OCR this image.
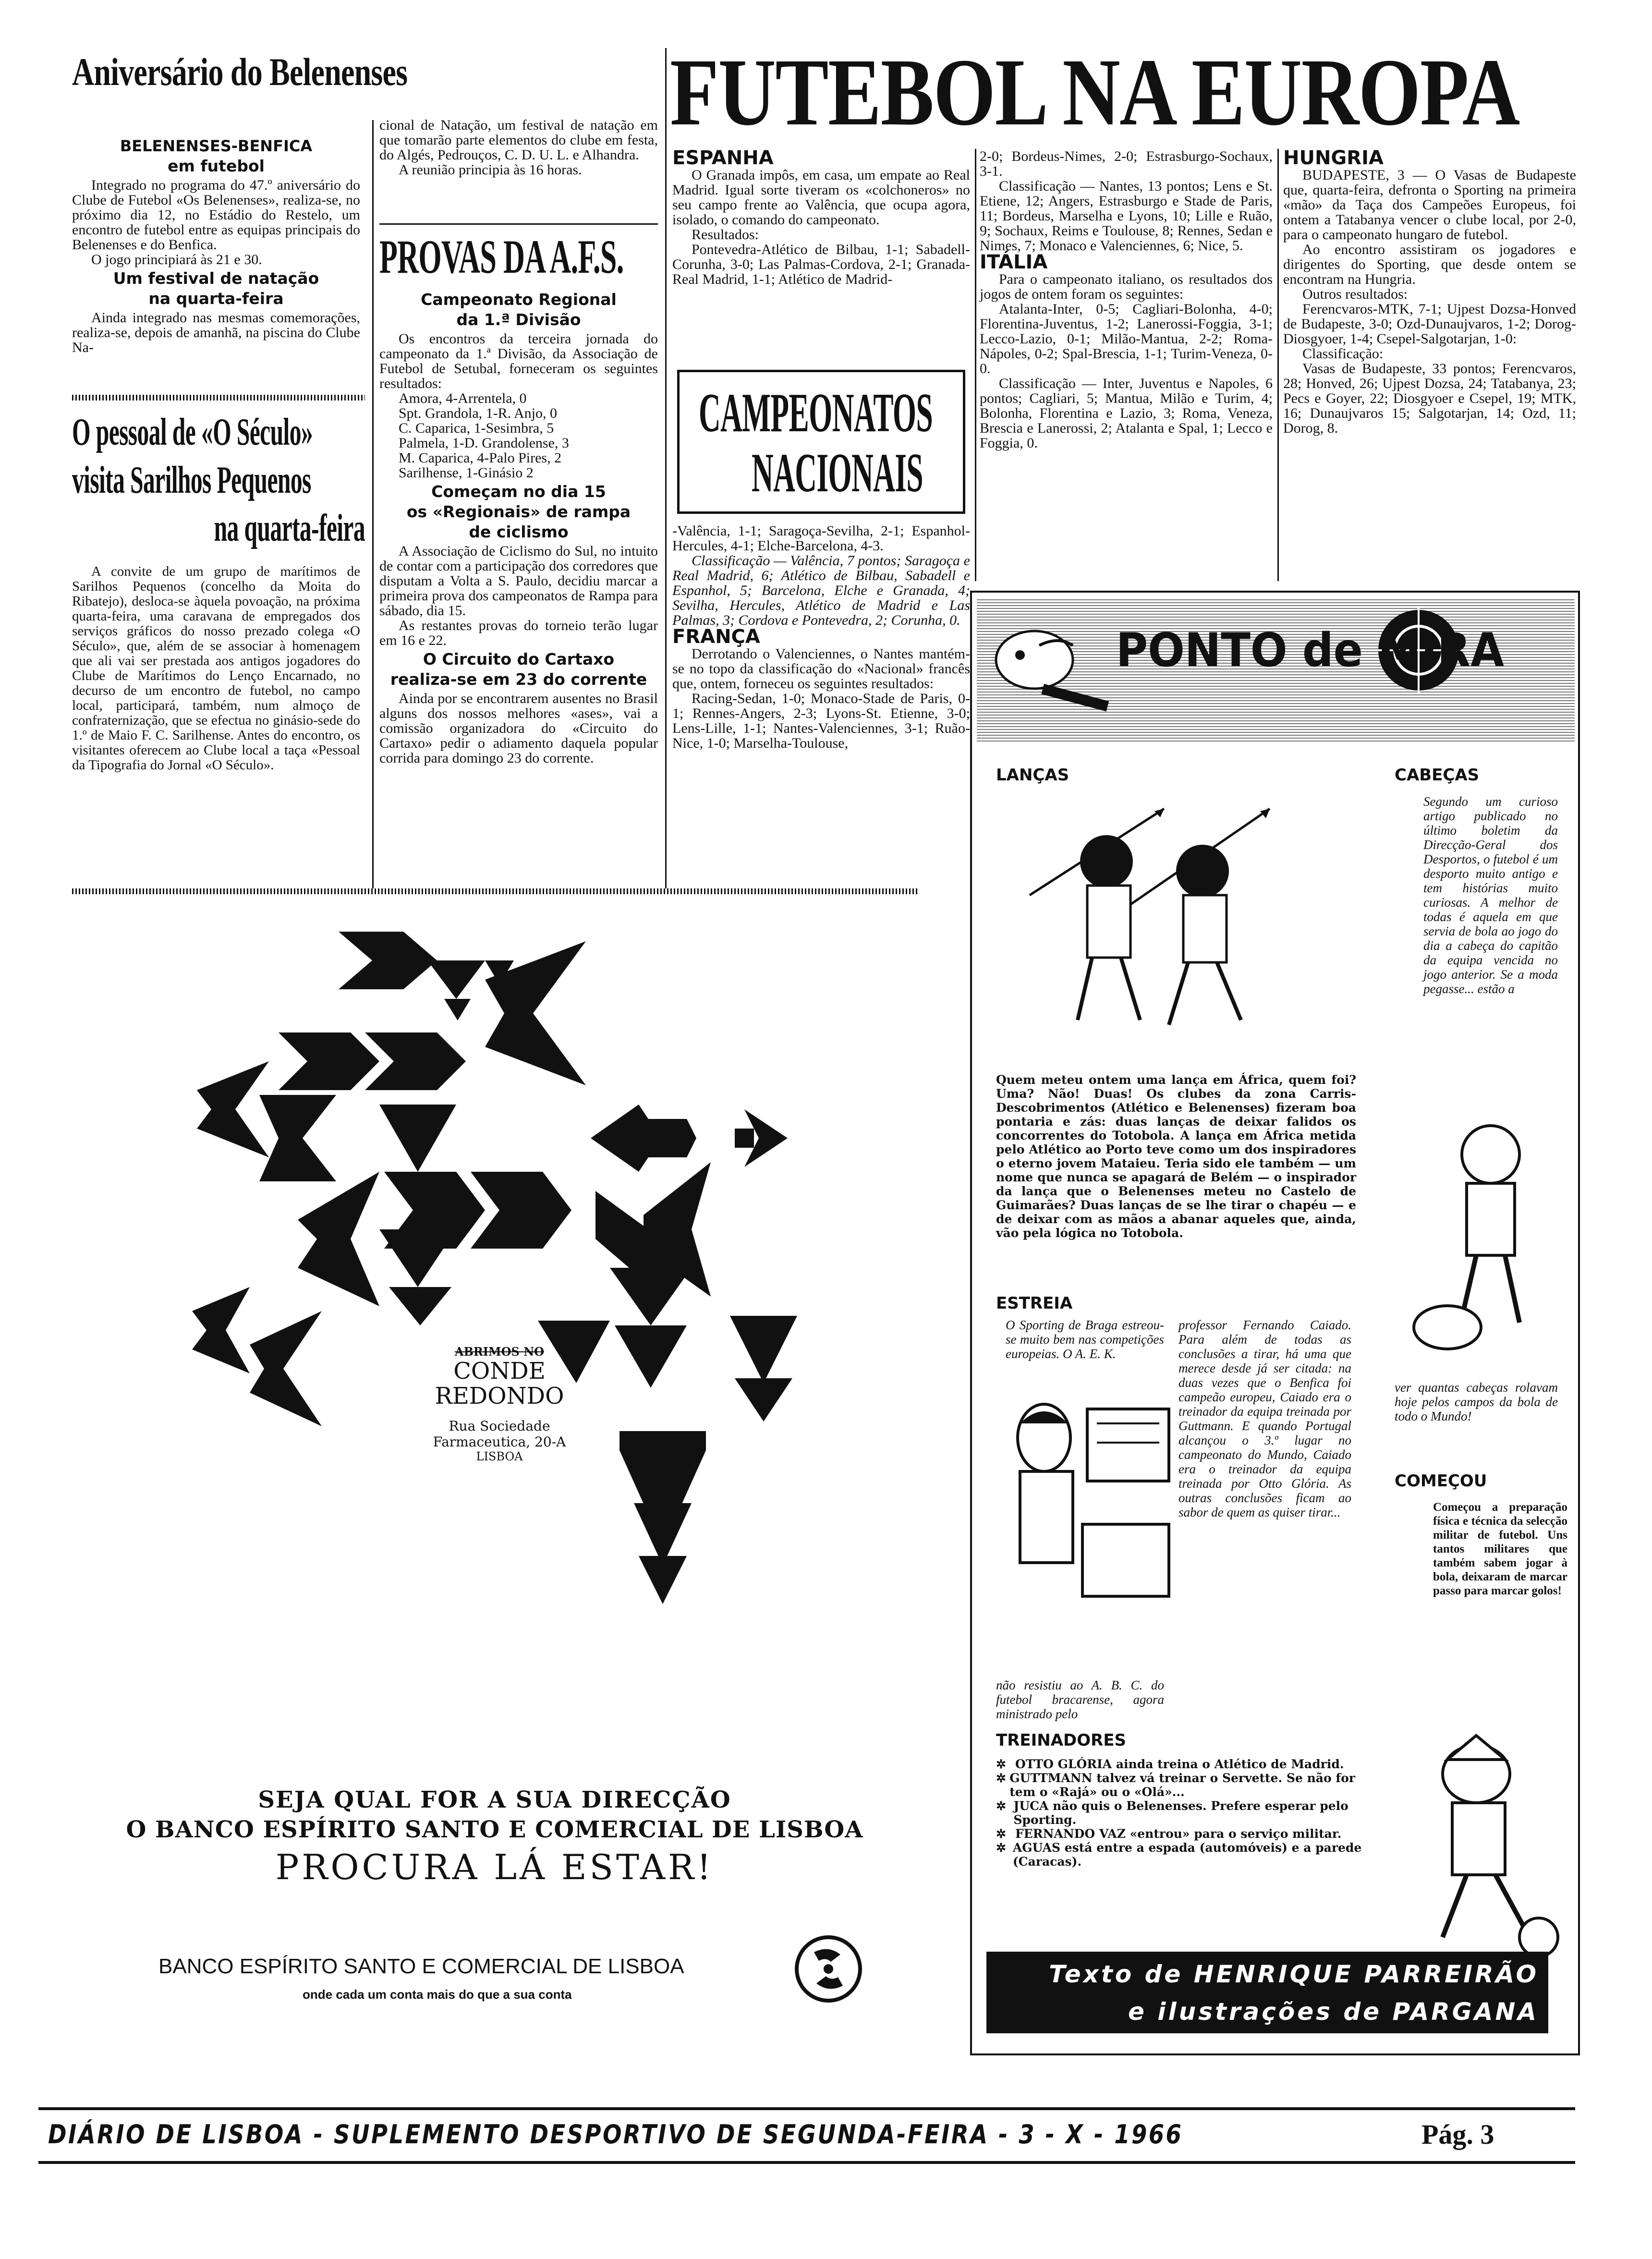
Aniversário do Belenenses
BELENENSES-BENFICA
em futebol

Integrado no programa do 47.º aniversário do Clube de Futebol «Os Belenenses», realiza-se, no próximo dia 12, no Estádio do Restelo, um encontro de futebol entre as equipas principais do Belenenses e do Benfica.

O jogo principiará às 21 e 30.

Um festival de natação
na quarta-feira

Ainda integrado nas mesmas comemorações, realiza-se, depois de amanhã, na piscina do Clube Na-

O pessoal de «O Século»
visita Sarilhos Pequenos
na quarta-feira

A convite de um grupo de marítimos de Sarilhos Pequenos (concelho da Moita do Ribatejo), desloca-se àquela povoação, na próxima quarta-feira, uma caravana de empregados dos serviços gráficos do nosso prezado colega «O Século», que, além de se associar à homenagem que ali vai ser prestada aos antigos jogadores do Clube de Marítimos do Lenço Encarnado, no decurso de um encontro de futebol, no campo local, participará, também, num almoço de confraternização, que se efectua no ginásio-sede do 1.º de Maio F. C. Sarilhense. Antes do encontro, os visitantes oferecem ao Clube local a taça «Pessoal da Tipografia do Jornal «O Século».

cional de Natação, um festival de natação em que tomarão parte elementos do clube em festa, do Algés, Pedrouços, C. D. U. L. e Alhandra.

A reunião principia às 16 horas.

PROVAS DA A.F.S.
Campeonato Regional
da 1.ª Divisão

Os encontros da terceira jornada do campeonato da 1.ª Divisão, da Associação de Futebol de Setubal, forneceram os seguintes resultados:

Amora, 4-Arrentela, 0
Spt. Grandola, 1-R. Anjo, 0
C. Caparica, 1-Sesimbra, 5
Palmela, 1-D. Grandolense, 3
M. Caparica, 4-Palo Pires, 2
Sarilhense, 1-Ginásio 2
Começam no dia 15
os «Regionais» de rampa
de ciclismo

A Associação de Ciclismo do Sul, no intuito de contar com a participação dos corredores que disputam a Volta a S. Paulo, decidiu marcar a primeira prova dos campeonatos de Rampa para sábado, dia 15.

As restantes provas do torneio terão lugar em 16 e 22.

O Circuito do Cartaxo
realiza-se em 23 do corrente

Ainda por se encontrarem ausentes no Brasil alguns dos nossos melhores «ases», vai a comissão organizadora do «Circuito do Cartaxo» pedir o adiamento daquela popular corrida para domingo 23 do corrente.

FUTEBOL NA EUROPA
ESPANHA

O Granada impôs, em casa, um empate ao Real Madrid. Igual sorte tiveram os «colchoneros» no seu campo frente ao Valência, que ocupa agora, isolado, o comando do campeonato.

Resultados:

Pontevedra-Atlético de Bilbau, 1-1; Sabadell-Corunha, 3-0; Las Palmas-Cordova, 2-1; Granada-Real Madrid, 1-1; Atlético de Madrid-

CAMPEONATOS
NACIONAIS

-Valência, 1-1; Saragoça-Sevilha, 2-1; Espanhol-Hercules, 4-1; Elche-Barcelona, 4-3.

Classificação — Valência, 7 pontos; Saragoça e Real Madrid, 6; Atlético de Bilbau, Sabadell e Espanhol, 5; Barcelona, Elche e Granada, 4; Sevilha, Hercules, Atlético de Madrid e Las Palmas, 3; Cordova e Pontevedra, 2; Corunha, 0.

FRANÇA

Derrotando o Valenciennes, o Nantes mantém-se no topo da classificação do «Nacional» francês que, ontem, forneceu os seguintes resultados:

Racing-Sedan, 1-0; Monaco-Stade de Paris, 0-1; Rennes-Angers, 2-3; Lyons-St. Etienne, 3-0; Lens-Lille, 1-1; Nantes-Valenciennes, 3-1; Ruão-Nice, 1-0; Marselha-Toulouse,

2-0; Bordeus-Nimes, 2-0; Estrasburgo-Sochaux, 3-1.

Classificação — Nantes, 13 pontos; Lens e St. Etiene, 12; Angers, Estrasburgo e Stade de Paris, 11; Bordeus, Marselha e Lyons, 10; Lille e Ruão, 9; Sochaux, Reims e Toulouse, 8; Rennes, Sedan e Nimes, 7; Monaco e Valenciennes, 6; Nice, 5.

ITÁLIA

Para o campeonato italiano, os resultados dos jogos de ontem foram os seguintes:

Atalanta-Inter, 0-5; Cagliari-Bolonha, 4-0; Florentina-Juventus, 1-2; Lanerossi-Foggia, 3-1; Lecco-Lazio, 0-1; Milão-Mantua, 2-2; Roma-Nápoles, 0-2; Spal-Brescia, 1-1; Turim-Veneza, 0-0.

Classificação — Inter, Juventus e Napoles, 6 pontos; Cagliari, 5; Mantua, Milão e Turim, 4; Bolonha, Florentina e Lazio, 3; Roma, Veneza, Brescia e Lanerossi, 2; Atalanta e Spal, 1; Lecco e Foggia, 0.

HUNGRIA

BUDAPESTE, 3 — O Vasas de Budapeste que, quarta-feira, defronta o Sporting na primeira «mão» da Taça dos Campeões Europeus, foi ontem a Tatabanya vencer o clube local, por 2-0, para o campeonato hungaro de futebol.

Ao encontro assistiram os jogadores e dirigentes do Sporting, que desde ontem se encontram na Hungria.

Outros resultados:

Ferencvaros-MTK, 7-1; Ujpest Dozsa-Honved de Budapeste, 3-0; Ozd-Dunaujvaros, 1-2; Dorog-Diosgyoer, 1-4; Csepel-Salgotarjan, 1-0:

Classificação:

Vasas de Budapeste, 33 pontos; Ferencvaros, 28; Honved, 26; Ujpest Dozsa, 24; Tatabanya, 23; Pecs e Goyer, 22; Diosgyoer e Csepel, 19; MTK, 16; Dunaujvaros 15; Salgotarjan, 14; Ozd, 11; Dorog, 8.

ABRIMOS NO
CONDE
REDONDO
Rua Sociedade
Farmaceutica, 20-A
LISBOA
SEJA QUAL FOR A SUA DIRECÇÃO
O BANCO ESPÍRITO SANTO E COMERCIAL DE LISBOA
PROCURA LÁ ESTAR!
BANCO ESPÍRITO SANTO E COMERCIAL DE LISBOA
onde cada um conta mais do que a sua conta
PONTO de MIRA
LANÇAS
Quem meteu ontem uma lança em África, quem foi? Uma? Não! Duas! Os clubes da zona Carris-Descobrimentos (Atlético e Belenenses) fizeram boa pontaria e zás: duas lanças de deixar falidos os concorrentes do Totobola. A lança em África metida pelo Atlético ao Porto teve como um dos inspiradores o eterno jovem Mataieu. Teria sido ele também — um nome que nunca se apagará de Belém — o inspirador da lança que o Belenenses meteu no Castelo de Guimarães? Duas lanças de se lhe tirar o chapéu — e de deixar com as mãos a abanar aqueles que, ainda, vão pela lógica no Totobola.
CABEÇAS
Segundo um curioso artigo publicado no último boletim da Direcção-Geral dos Desportos, o futebol é um desporto muito antigo e tem histórias muito curiosas. A melhor de todas é aquela em que servia de bola ao jogo do dia a cabeça do capitão da equipa vencida no jogo anterior. Se a moda pegasse... estão a
ver quantas cabeças rolavam hoje pelos campos da bola de todo o Mundo!
ESTREIA
O Sporting de Braga estreou-se muito bem nas competições europeias. O A. E. K.
não resistiu ao A. B. C. do futebol bracarense, agora ministrado pelo
professor Fernando Caiado. Para além de todas as conclusões a tirar, há uma que merece desde já ser citada: na duas vezes que o Benfica foi campeão europeu, Caiado era o treinador da equipa treinada por Guttmann. E quando Portugal alcançou o 3.º lugar no campeonato do Mundo, Caiado era o treinador da equipa treinada por Otto Glória. As outras conclusões ficam ao sabor de quem as quiser tirar...
COMEÇOU
Começou a preparação física e técnica da selecção militar de futebol. Uns tantos militares que também sabem jogar à bola, deixaram de marcar passo para marcar golos!
TREINADORES
✲ OTTO GLÓRIA ainda treina o Atlético de Madrid.
✲ GUTTMANN talvez vá treinar o Servette. Se não for tem o «Rajá» ou o «Olá»...
✲ JUCA não quis o Belenenses. Prefere esperar pelo Sporting.
✲ FERNANDO VAZ «entrou» para o serviço militar.
✲ AGUAS está entre a espada (automóveis) e a parede (Caracas).
Texto de HENRIQUE PARREIRÃO
e ilustrações de PARGANA
DIÁRIO DE LISBOA - SUPLEMENTO DESPORTIVO DE SEGUNDA-FEIRA - 3 - X - 1966	Pág. 3
